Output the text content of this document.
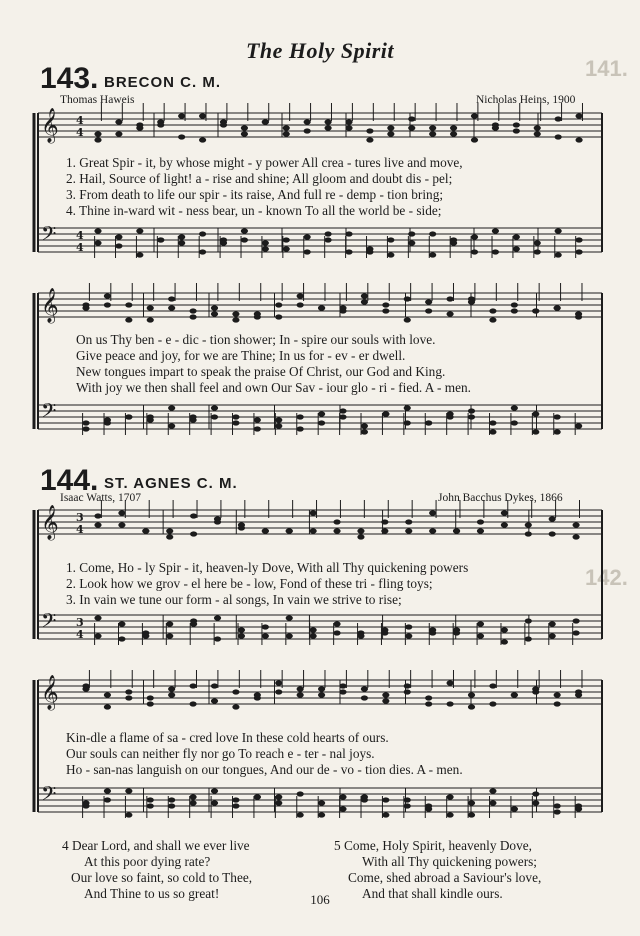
141.
142.
The Holy Spirit
143. BRECON C. M.
Thomas Haweis	Nicholas Heins, 1900
𝄞
𝄢
4
4
4
4
𝄞
𝄢
𝄞
𝄢
3
4
3
4
𝄞
𝄢
1. Great Spir - it, by whose might - y power All crea - tures live and move,
2. Hail, Source of light! a - rise and shine; All gloom and doubt dis - pel;
3. From death to life our spir - its raise, And full re - demp - tion bring;
4. Thine in-ward wit - ness bear, un - known To all the world be - side;
On us Thy ben - e - dic - tion shower; In - spire our souls with love.
Give peace and joy, for we are Thine; In us for - ev - er dwell.
New tongues impart to speak the praise Of Christ, our God and King.
With joy we then shall feel and own Our Sav - iour glo - ri - fied. A - men.
144. ST. AGNES C. M.
Isaac Watts, 1707	John Bacchus Dykes, 1866
1. Come, Ho - ly Spir - it, heaven-ly Dove, With all Thy quickening powers
2. Look how we grov - el here be - low, Fond of these tri - fling toys;
3. In vain we tune our form - al songs, In vain we strive to rise;
Kin-dle a flame of sa - cred love In these cold hearts of ours.
Our souls can neither fly nor go To reach e - ter - nal joys.
Ho - san-nas languish on our tongues, And our de - vo - tion dies. A - men.
4 Dear Lord, and shall we ever live
At this poor dying rate?
Our love so faint, so cold to Thee,
And Thine to us so great!
5 Come, Holy Spirit, heavenly Dove,
With all Thy quickening powers;
Come, shed abroad a Saviour's love,
And that shall kindle ours.
106
